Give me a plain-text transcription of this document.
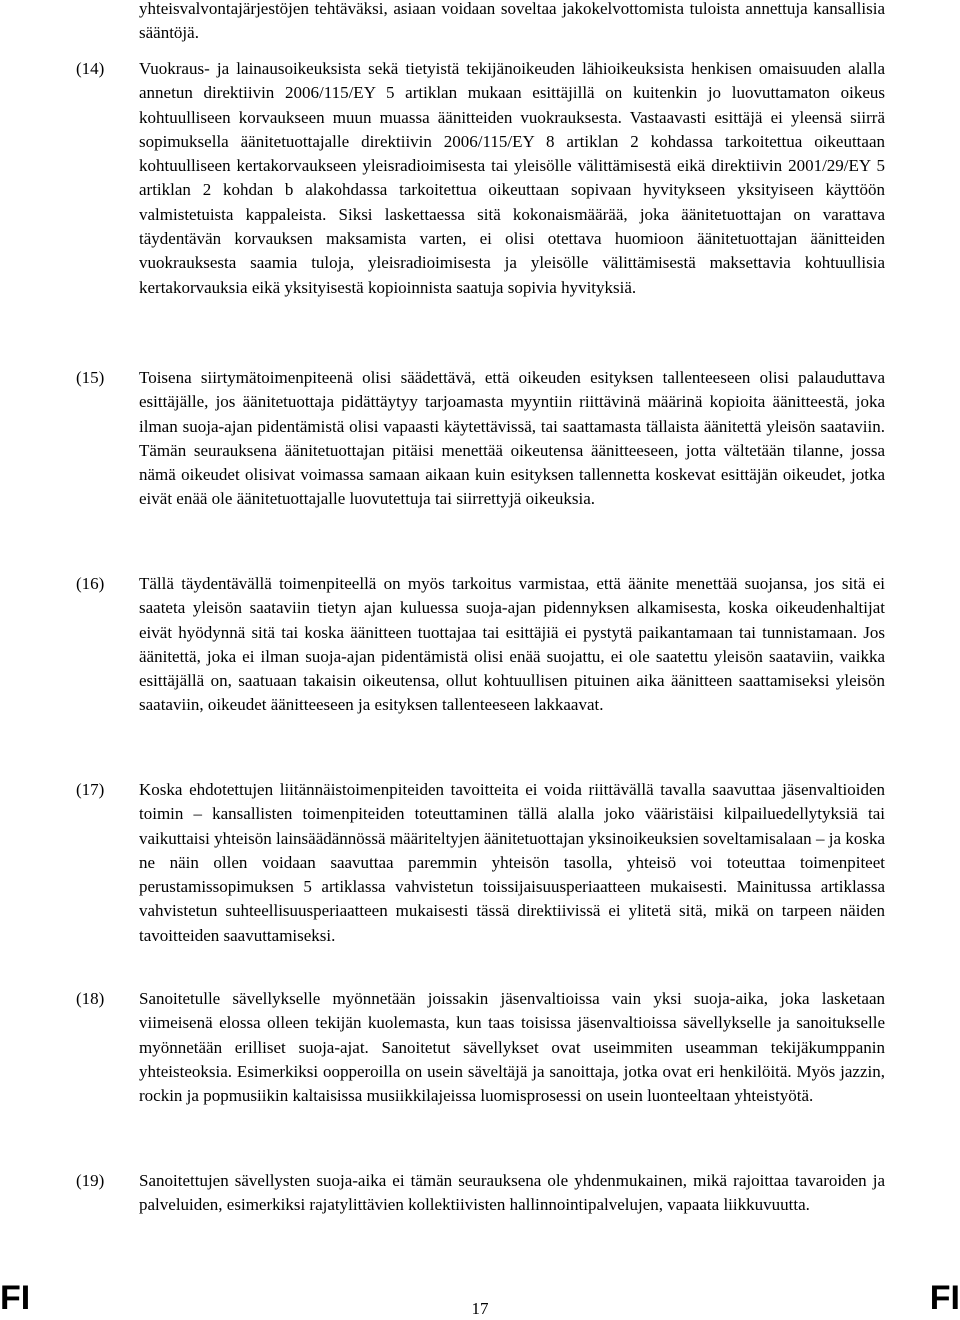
yhteisvalvontajärjestöjen tehtäväksi, asiaan voidaan soveltaa jakokelvottomista tuloista annettuja kansallisia sääntöjä.

(14) Vuokraus- ja lainausoikeuksista sekä tietyistä tekijänoikeuden lähioikeuksista henkisen omaisuuden alalla annetun direktiivin 2006/115/EY 5 artiklan mukaan esittäjillä on kuitenkin jo luovuttamaton oikeus kohtuulliseen korvaukseen muun muassa äänitteiden vuokrauksesta. Vastaavasti esittäjä ei yleensä siirrä sopimuksella äänitetuottajalle direktiivin 2006/115/EY 8 artiklan 2 kohdassa tarkoitettua oikeuttaan kohtuulliseen kertakorvaukseen yleisradioimisesta tai yleisölle välittämisestä eikä direktiivin 2001/29/EY 5 artiklan 2 kohdan b alakohdassa tarkoitettua oikeuttaan sopivaan hyvitykseen yksityiseen käyttöön valmistetuista kappaleista. Siksi laskettaessa sitä kokonaismäärää, joka äänitetuottajan on varattava täydentävän korvauksen maksamista varten, ei olisi otettava huomioon äänitetuottajan äänitteiden vuokrauksesta saamia tuloja, yleisradioimisesta ja yleisölle välittämisestä maksettavia kohtuullisia kertakorvauksia eikä yksityisestä kopioinnista saatuja sopivia hyvityksiä.

(15) Toisena siirtymätoimenpiteenä olisi säädettävä, että oikeuden esityksen tallenteeseen olisi palauduttava esittäjälle, jos äänitetuottaja pidättäytyy tarjoamasta myyntiin riittävinä määrinä kopioita äänitteestä, joka ilman suoja-ajan pidentämistä olisi vapaasti käytettävissä, tai saattamasta tällaista äänitettä yleisön saataviin. Tämän seurauksena äänitetuottajan pitäisi menettää oikeutensa äänitteeseen, jotta vältetään tilanne, jossa nämä oikeudet olisivat voimassa samaan aikaan kuin esityksen tallennetta koskevat esittäjän oikeudet, jotka eivät enää ole äänitetuottajalle luovutettuja tai siirrettyjä oikeuksia.

(16) Tällä täydentävällä toimenpiteellä on myös tarkoitus varmistaa, että äänite menettää suojansa, jos sitä ei saateta yleisön saataviin tietyn ajan kuluessa suoja-ajan pidennyksen alkamisesta, koska oikeudenhaltijat eivät hyödynnä sitä tai koska äänitteen tuottajaa tai esittäjiä ei pystytä paikantamaan tai tunnistamaan. Jos äänitettä, joka ei ilman suoja-ajan pidentämistä olisi enää suojattu, ei ole saatettu yleisön saataviin, vaikka esittäjällä on, saatuaan takaisin oikeutensa, ollut kohtuullisen pituinen aika äänitteen saattamiseksi yleisön saataviin, oikeudet äänitteeseen ja esityksen tallenteeseen lakkaavat.

(17) Koska ehdotettujen liitännäistoimenpiteiden tavoitteita ei voida riittävällä tavalla saavuttaa jäsenvaltioiden toimin – kansallisten toimenpiteiden toteuttaminen tällä alalla joko vääristäisi kilpailuedellytyksiä tai vaikuttaisi yhteisön lainsäädännössä määriteltyjen äänitetuottajan yksinoikeuksien soveltamisalaan – ja koska ne näin ollen voidaan saavuttaa paremmin yhteisön tasolla, yhteisö voi toteuttaa toimenpiteet perustamissopimuksen 5 artiklassa vahvistetun toissijaisuusperiaatteen mukaisesti. Mainitussa artiklassa vahvistetun suhteellisuusperiaatteen mukaisesti tässä direktiivissä ei ylitetä sitä, mikä on tarpeen näiden tavoitteiden saavuttamiseksi.

(18) Sanoitetulle sävellykselle myönnetään joissakin jäsenvaltioissa vain yksi suoja-aika, joka lasketaan viimeisenä elossa olleen tekijän kuolemasta, kun taas toisissa jäsenvaltioissa sävellykselle ja sanoitukselle myönnetään erilliset suoja-ajat. Sanoitetut sävellykset ovat useimmiten useamman tekijäkumppanin yhteisteoksia. Esimerkiksi oopperoilla on usein säveltäjä ja sanoittaja, jotka ovat eri henkilöitä. Myös jazzin, rockin ja popmusiikin kaltaisissa musiikkilajeissa luomisprosessi on usein luonteeltaan yhteistyötä.

(19) Sanoitettujen sävellysten suoja-aika ei tämän seurauksena ole yhdenmukainen, mikä rajoittaa tavaroiden ja palveluiden, esimerkiksi rajatylittävien kollektiivisten hallinnointipalvelujen, vapaata liikkuvuutta.

FI	17	FI
